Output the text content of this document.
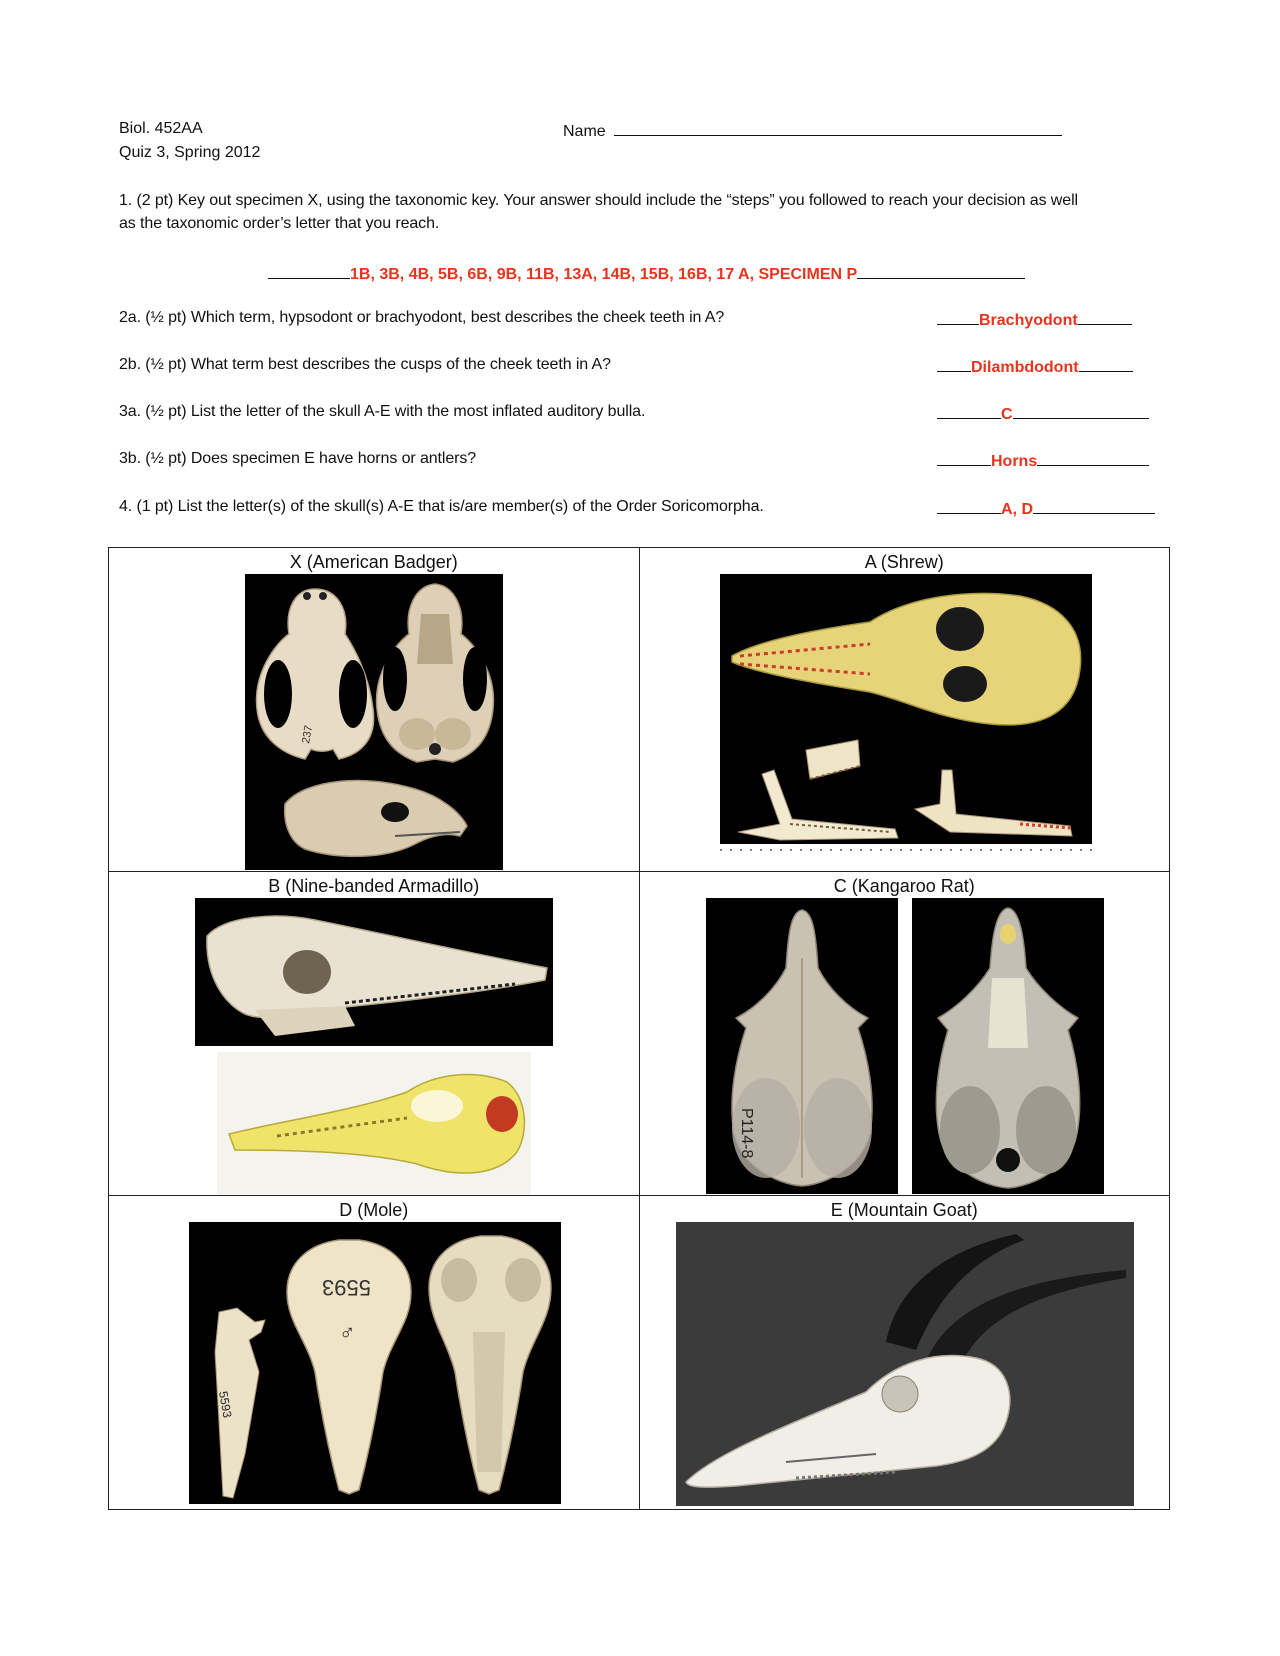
Biol. 452AA
Quiz 3, Spring 2012
Name
1. (2 pt) Key out specimen X, using the taxonomic key. Your answer should include the “steps” you followed to reach your decision as well
as the taxonomic order’s letter that you reach.
1B, 3B, 4B, 5B, 6B, 9B, 11B, 13A, 14B, 15B, 16B, 17 A, SPECIMEN P
2a. (½ pt) Which term, hypsodont or brachyodont, best describes the cheek teeth in A?	Brachyodont
2b. (½ pt) What term best describes the cusps of the cheek teeth in A?	Dilambdodont
3a. (½ pt) List the letter of the skull A-E with the most inflated auditory bulla.	C
3b. (½ pt) Does specimen E have horns or antlers?	Horns
4. (1 pt) List the letter(s) of the skull(s) A-E that is/are member(s) of the Order Soricomorpha.	A, D
X (American Badger)
237	A (Shrew)

B (Nine-banded Armadillo)	C (Kangaroo Rat)
P114-8

D (Mole)
5593
5593
♂	E (Mountain Goat)
